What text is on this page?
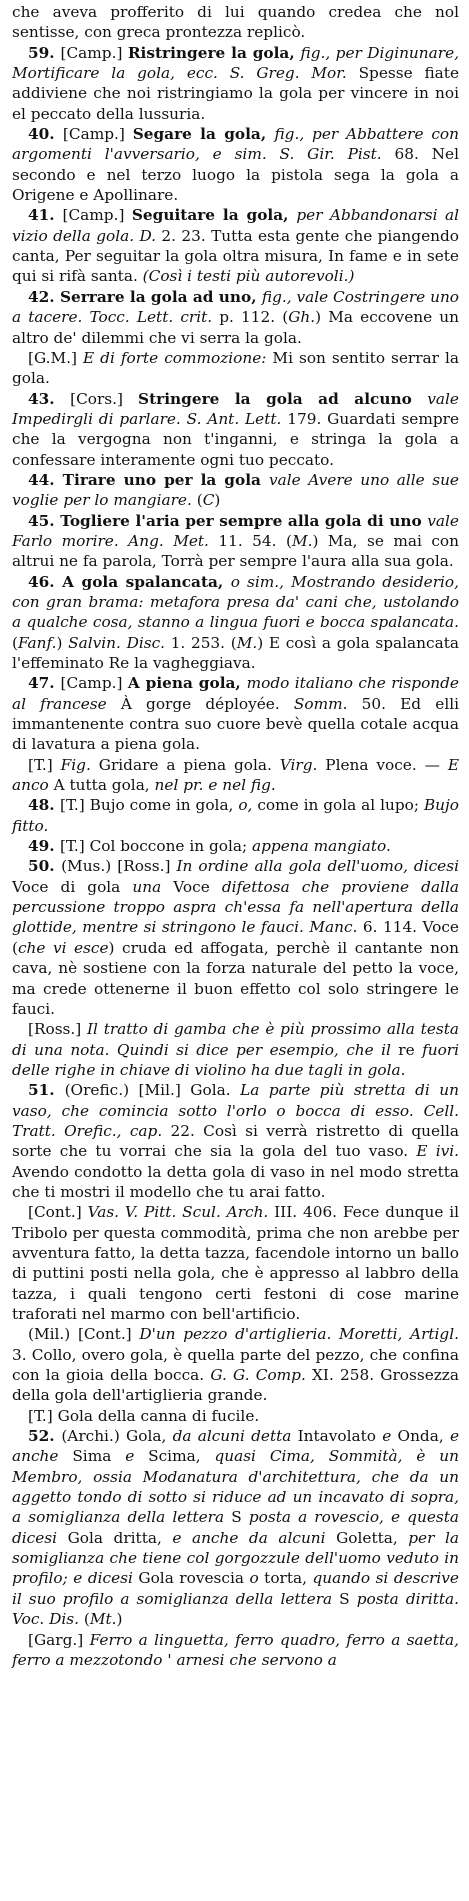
che aveva profferito di lui quando credea che nol sentisse, con greca prontezza replicò.

59. [Camp.] Ristringere la gola, fig., per Diginunare, Mortificare la gola, ecc. S. Greg. Mor. Spesse fiate addiviene che noi ristringiamo la gola per vincere in noi el peccato della lussuria.

40. [Camp.] Segare la gola, fig., per Abbattere con argomenti l'avversario, e sim. S. Gir. Pist. 68. Nel secondo e nel terzo luogo la pistola sega la gola a Origene e Apollinare.

41. [Camp.] Seguitare la gola, per Abbandonarsi al vizio della gola. D. 2. 23. Tutta esta gente che piangendo canta, Per seguitar la gola oltra misura, In fame e in sete qui si rifà santa. (Così i testi più autorevoli.)

42. Serrare la gola ad uno, fig., vale Costringere uno a tacere. Tocc. Lett. crit. p. 112. (Gh.) Ma eccovene un altro de' dilemmi che vi serra la gola.

[G.M.] E di forte commozione: Mi son sentito serrar la gola.

43. [Cors.] Stringere la gola ad alcuno vale Impedirgli di parlare. S. Ant. Lett. 179. Guardati sempre che la vergogna non t'inganni, e stringa la gola a confessare interamente ogni tuo peccato.

44. Tirare uno per la gola vale Avere uno alle sue voglie per lo mangiare. (C)

45. Togliere l'aria per sempre alla gola di uno vale Farlo morire. Ang. Met. 11. 54. (M.) Ma, se mai con altrui ne fa parola, Torrà per sempre l'aura alla sua gola.

46. A gola spalancata, o sim., Mostrando desiderio, con gran brama: metafora presa da' cani che, ustolando a qualche cosa, stanno a lingua fuori e bocca spalancata. (Fanf.) Salvin. Disc. 1. 253. (M.) E così a gola spalancata l'effeminato Re la vagheggiava.

47. [Camp.] A piena gola, modo italiano che risponde al francese À gorge déployée. Somm. 50. Ed elli immantenente contra suo cuore bevè quella cotale acqua di lavatura a piena gola.

[T.] Fig. Gridare a piena gola. Virg. Plena voce. — E anco A tutta gola, nel pr. e nel fig.

48. [T.] Bujo come in gola, o, come in gola al lupo; Bujo fitto.

49. [T.] Col boccone in gola; appena mangiato.

50. (Mus.) [Ross.] In ordine alla gola dell'uomo, dicesi Voce di gola una Voce difettosa che proviene dalla percussione troppo aspra ch'essa fa nell'apertura della glottide, mentre si stringono le fauci. Manc. 6. 114. Voce (che vi esce) cruda ed affogata, perchè il cantante non cava, nè sostiene con la forza naturale del petto la voce, ma crede ottenerne il buon effetto col solo stringere le fauci.

[Ross.] Il tratto di gamba che è più prossimo alla testa di una nota. Quindi si dice per esempio, che il re fuori delle righe in chiave di violino ha due tagli in gola.

51. (Orefic.) [Mil.] Gola. La parte più stretta di un vaso, che comincia sotto l'orlo o bocca di esso. Cell. Tratt. Orefic., cap. 22. Così si verrà ristretto di quella sorte che tu vorrai che sia la gola del tuo vaso. E ivi. Avendo condotto la detta gola di vaso in nel modo stretta che ti mostri il modello che tu arai fatto.

[Cont.] Vas. V. Pitt. Scul. Arch. III. 406. Fece dunque il Tribolo per questa commodità, prima che non arebbe per avventura fatto, la detta tazza, facendole intorno un ballo di puttini posti nella gola, che è appresso al labbro della tazza, i quali tengono certi festoni di cose marine traforati nel marmo con bell'artificio.

(Mil.) [Cont.] D'un pezzo d'artiglieria. Moretti, Artigl. 3. Collo, overo gola, è quella parte del pezzo, che confina con la gioia della bocca. G. G. Comp. XI. 258. Grossezza della gola dell'artiglieria grande.

[T.] Gola della canna di fucile.

52. (Archi.) Gola, da alcuni detta Intavolato e Onda, e anche Sima e Scima, quasi Cima, Sommità, è un Membro, ossia Modanatura d'architettura, che da un aggetto tondo di sotto si riduce ad un incavato di sopra, a somiglianza della lettera S posta a rovescio, e questa dicesi Gola dritta, e anche da alcuni Goletta, per la somiglianza che tiene col gorgozzule dell'uomo veduto in profilo; e dicesi Gola rovescia o torta, quando si descrive il suo profilo a somiglianza della lettera S posta diritta. Voc. Dis. (Mt.)

[Garg.] Ferro a linguetta, ferro quadro, ferro a saetta, ferro a mezzotondo ' arnesi che servono a
